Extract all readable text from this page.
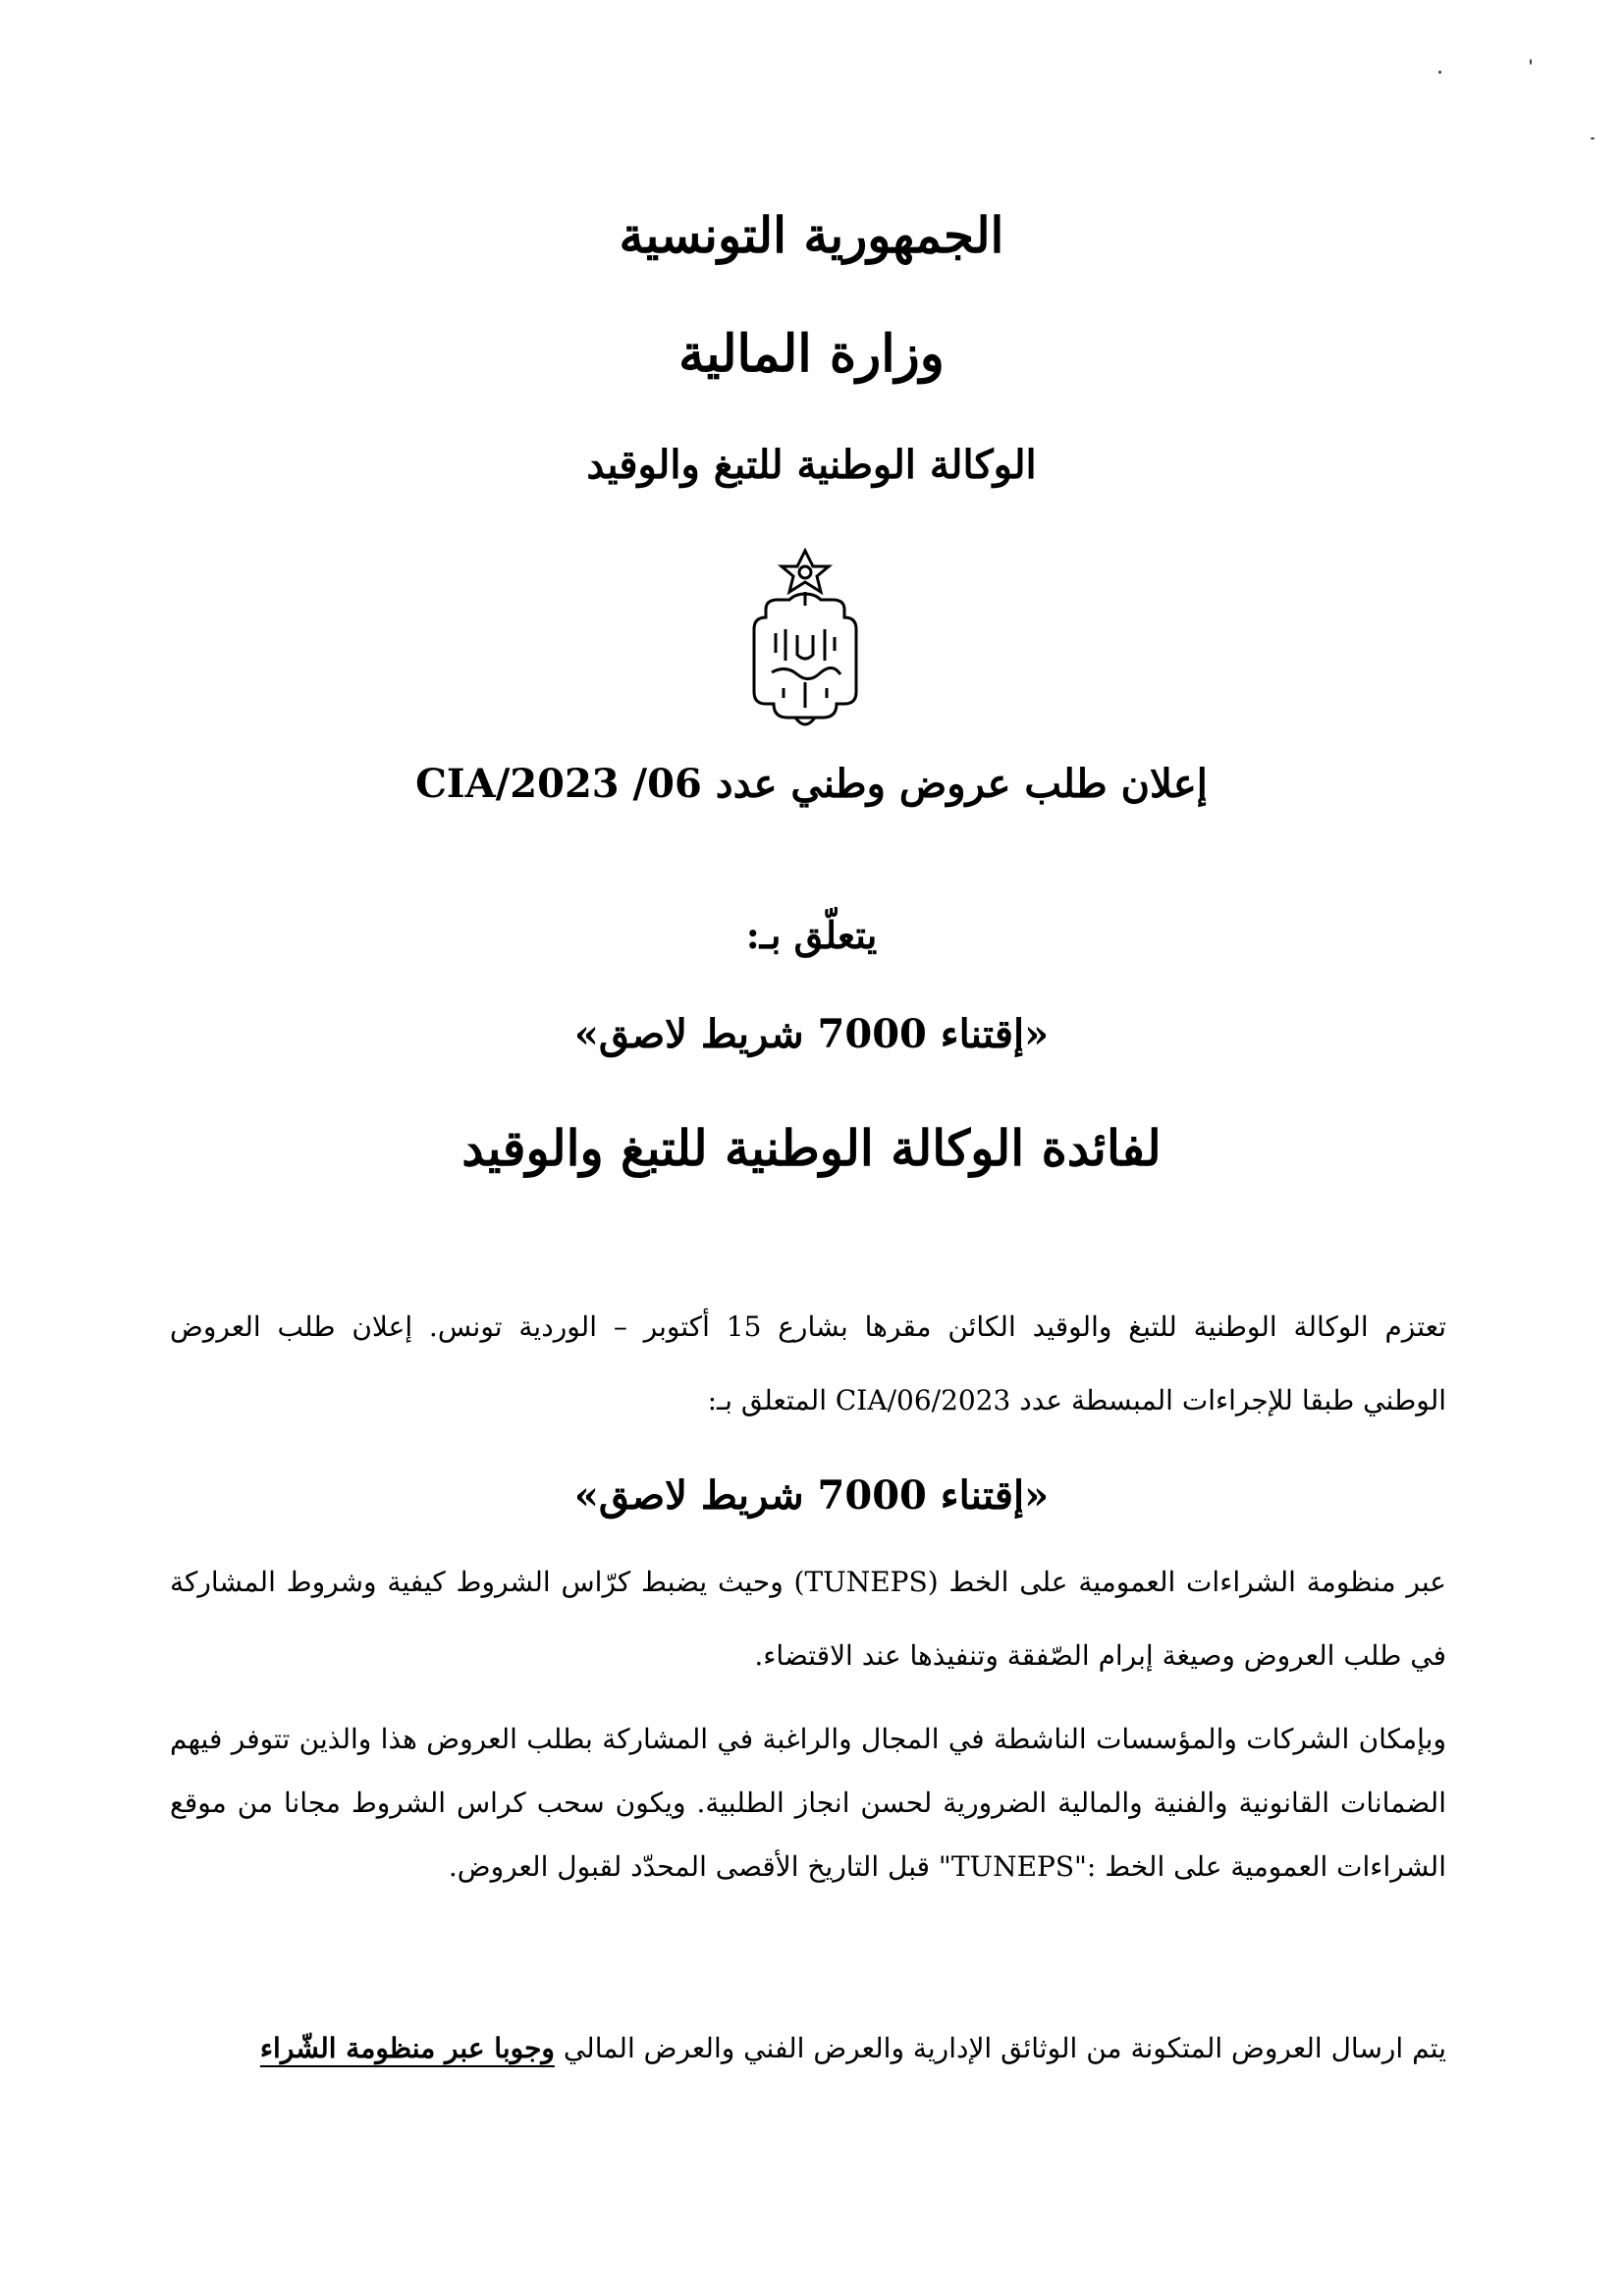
الجمهورية التونسية
وزارة المالية
الوكالة الوطنية للتبغ والوقيد
إعلان طلب عروض وطني عدد 06/ 2023/CIA
يتعلّق بـ:
«إقتناء 7000 شريط لاصق»
لفائدة الوكالة الوطنية للتبغ والوقيد
تعتزم الوكالة الوطنية للتبغ والوقيد الكائن مقرها بشارع 15 أكتوبر – الوردية تونس. إعلان طلب العروض
الوطني طبقا للإجراءات المبسطة عدد 2023/CIA/06 المتعلق بـ:
«إقتناء 7000 شريط لاصق»
عبر منظومة الشراءات العمومية على الخط (TUNEPS) وحيث يضبط كرّاس الشروط كيفية وشروط المشاركة
في طلب العروض وصيغة إبرام الصّفقة وتنفيذها عند الاقتضاء.
وبإمكان الشركات والمؤسسات الناشطة في المجال والراغبة في المشاركة بطلب العروض هذا والذين تتوفر فيهم
الضمانات القانونية والفنية والمالية الضرورية لحسن انجاز الطلبية. ويكون سحب كراس الشروط مجانا من موقع
الشراءات العمومية على الخط :"TUNEPS" قبل التاريخ الأقصى المحدّد لقبول العروض.
يتم ارسال العروض المتكونة من الوثائق الإدارية والعرض الفني والعرض المالي وجوبا عبر منظومة الشّراء
